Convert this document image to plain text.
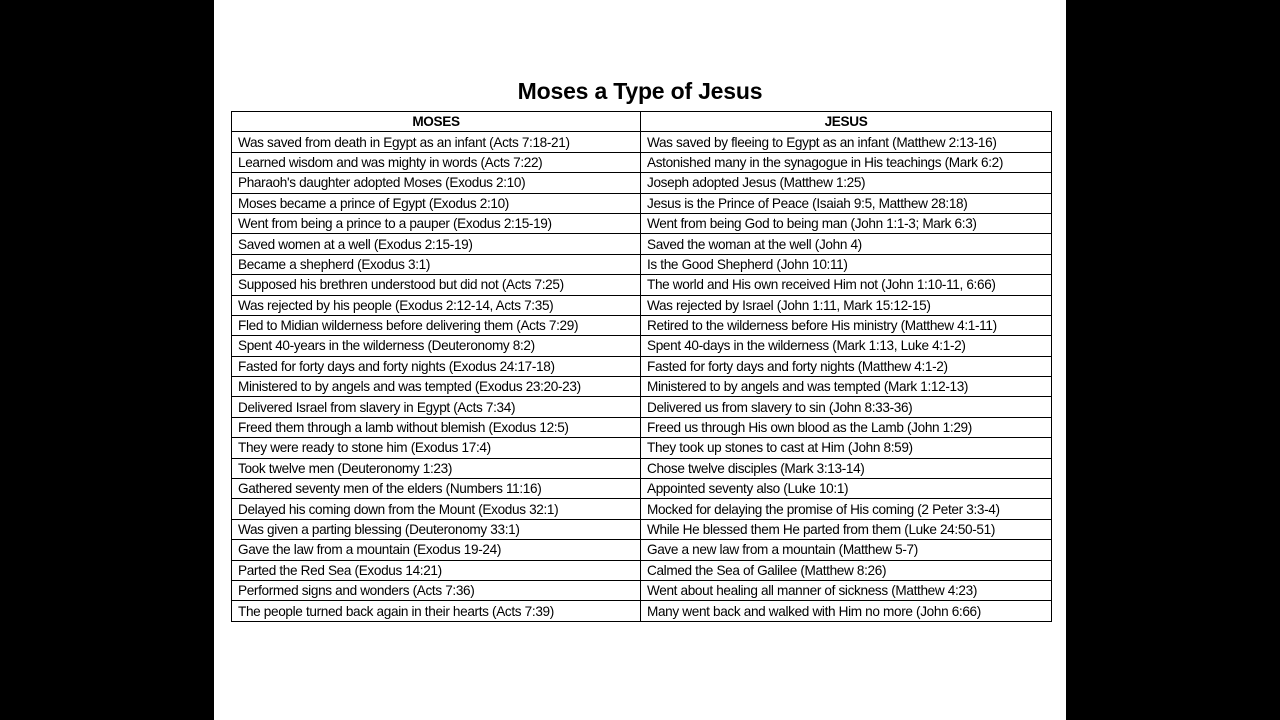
Moses a Type of Jesus
MOSES	JESUS
Was saved from death in Egypt as an infant (Acts 7:18-21)	Was saved by fleeing to Egypt as an infant (Matthew 2:13-16)
Learned wisdom and was mighty in words (Acts 7:22)	Astonished many in the synagogue in His teachings (Mark 6:2)
Pharaoh's daughter adopted Moses (Exodus 2:10)	Joseph adopted Jesus (Matthew 1:25)
Moses became a prince of Egypt (Exodus 2:10)	Jesus is the Prince of Peace (Isaiah 9:5, Matthew 28:18)
Went from being a prince to a pauper (Exodus 2:15-19)	Went from being God to being man (John 1:1-3; Mark 6:3)
Saved women at a well (Exodus 2:15-19)	Saved the woman at the well (John 4)
Became a shepherd (Exodus 3:1)	Is the Good Shepherd (John 10:11)
Supposed his brethren understood but did not (Acts 7:25)	The world and His own received Him not (John 1:10-11, 6:66)
Was rejected by his people (Exodus 2:12-14, Acts 7:35)	Was rejected by Israel (John 1:11, Mark 15:12-15)
Fled to Midian wilderness before delivering them (Acts 7:29)	Retired to the wilderness before His ministry (Matthew 4:1-11)
Spent 40-years in the wilderness (Deuteronomy 8:2)	Spent 40-days in the wilderness (Mark 1:13, Luke 4:1-2)
Fasted for forty days and forty nights (Exodus 24:17-18)	Fasted for forty days and forty nights (Matthew 4:1-2)
Ministered to by angels and was tempted (Exodus 23:20-23)	Ministered to by angels and was tempted (Mark 1:12-13)
Delivered Israel from slavery in Egypt (Acts 7:34)	Delivered us from slavery to sin (John 8:33-36)
Freed them through a lamb without blemish (Exodus 12:5)	Freed us through His own blood as the Lamb (John 1:29)
They were ready to stone him (Exodus 17:4)	They took up stones to cast at Him (John 8:59)
Took twelve men (Deuteronomy 1:23)	Chose twelve disciples (Mark 3:13-14)
Gathered seventy men of the elders (Numbers 11:16)	Appointed seventy also (Luke 10:1)
Delayed his coming down from the Mount (Exodus 32:1)	Mocked for delaying the promise of His coming (2 Peter 3:3-4)
Was given a parting blessing (Deuteronomy 33:1)	While He blessed them He parted from them (Luke 24:50-51)
Gave the law from a mountain (Exodus 19-24)	Gave a new law from a mountain (Matthew 5-7)
Parted the Red Sea (Exodus 14:21)	Calmed the Sea of Galilee (Matthew 8:26)
Performed signs and wonders (Acts 7:36)	Went about healing all manner of sickness (Matthew 4:23)
The people turned back again in their hearts (Acts 7:39)	Many went back and walked with Him no more (John 6:66)
